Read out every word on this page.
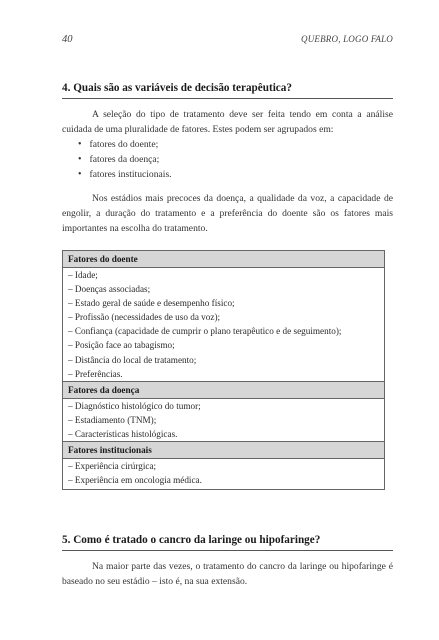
40	QUEBRO, LOGO FALO
4. Quais são as variáveis de decisão terapêutica?

A seleção do tipo de tratamento deve ser feita tendo em conta a análise cuidada de uma pluralidade de fatores. Estes podem ser agrupados em:

• fatores do doente;
• fatores da doença;
• fatores institucionais.

Nos estádios mais precoces da doença, a qualidade da voz, a capacidade de engolir, a duração do tratamento e a preferência do doente são os fatores mais importantes na escolha do tratamento.

Fatores do doente
– Idade;
– Doenças associadas;
– Estado geral de saúde e desempenho físico;
– Profissão (necessidades de uso da voz);
– Confiança (capacidade de cumprir o plano terapêutico e de seguimento);
– Posição face ao tabagismo;
– Distância do local de tratamento;
– Preferências.
Fatores da doença
– Diagnóstico histológico do tumor;
– Estadiamento (TNM);
– Características histológicas.
Fatores institucionais
– Experiência cirúrgica;
– Experiência em oncologia médica.
5. Como é tratado o cancro da laringe ou hipofaringe?

Na maior parte das vezes, o tratamento do cancro da laringe ou hipofaringe é baseado no seu estádio – isto é, na sua extensão.
